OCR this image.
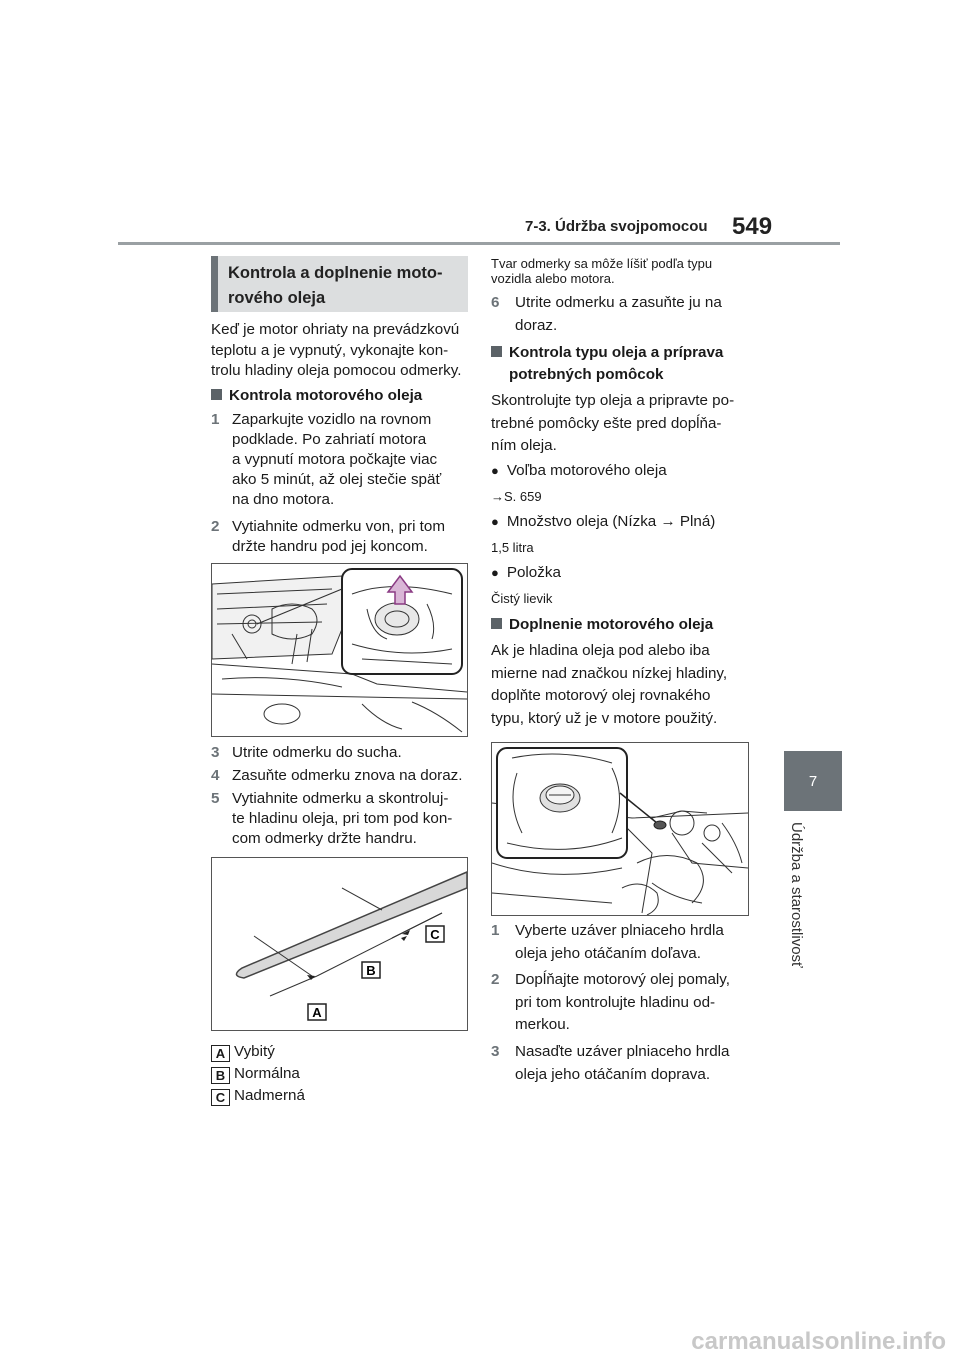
7-3. Údržba svojpomocou 549
7
Údržba a starostlivosť
Kontrola a doplnenie moto-
rového oleja
Keď je motor ohriaty na prevádzkovú
teplotu a je vypnutý, vykonajte kon-
trolu hladiny oleja pomocou odmerky.
Kontrola motorového oleja
1 Zaparkujte vozidlo na rovnom
podklade. Po zahriatí motora
a vypnutí motora počkajte viac
ako 5 minút, až olej stečie späť
na dno motora.
2 Vytiahnite odmerku von, pri tom
držte handru pod jej koncom.
3 Utrite odmerku do sucha.
4 Zasuňte odmerku znova na doraz.
5 Vytiahnite odmerku a skontroluj-
te hladinu oleja, pri tom pod kon-
com odmerky držte handru.
A
B
C
A Vybitý
B Normálna
C Nadmerná
Tvar odmerky sa môže líšiť podľa typu
vozidla alebo motora.
6 Utrite odmerku a zasuňte ju na
doraz.
Kontrola typu oleja a príprava
potrebných pomôcok
Skontrolujte typ oleja a pripravte po-
trebné pomôcky ešte pred dopĺňa-
ním oleja.
● Voľba motorového oleja
→S. 659
● Množstvo oleja (Nízka → Plná)
1,5 litra
● Položka
Čistý lievik
Doplnenie motorového oleja
Ak je hladina oleja pod alebo iba
mierne nad značkou nízkej hladiny,
doplňte motorový olej rovnakého
typu, ktorý už je v motore použitý.
1 Vyberte uzáver plniaceho hrdla
oleja jeho otáčaním doľava.
2 Dopĺňajte motorový olej pomaly,
pri tom kontrolujte hladinu od-
merkou.
3 Nasaďte uzáver plniaceho hrdla
oleja jeho otáčaním doprava.
carmanualsonline.info
